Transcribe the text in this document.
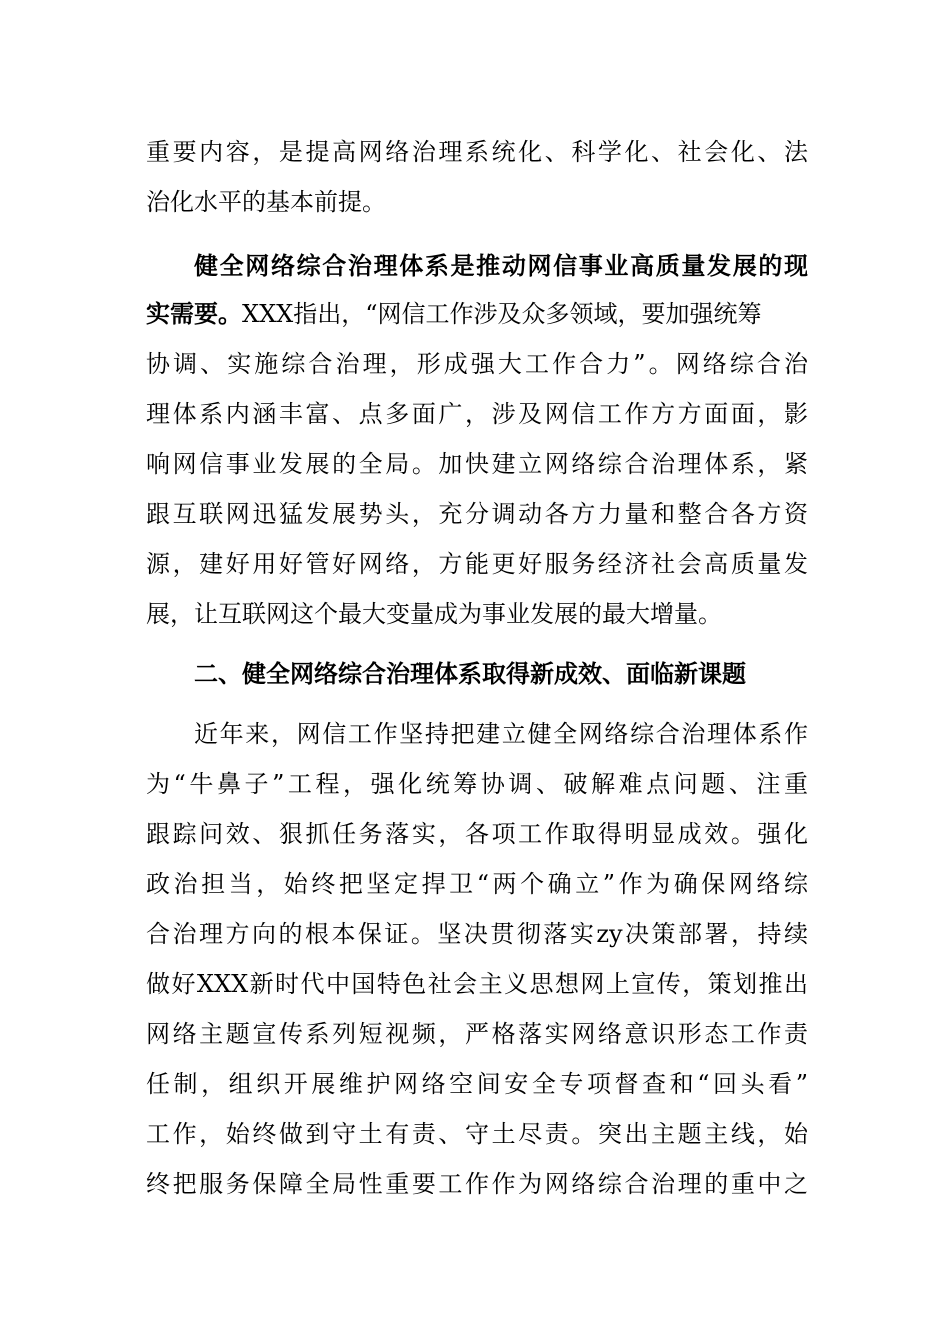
重要内容，是提高网络治理系统化、科学化、社会化、法
治化水平的基本前提。
健全网络综合治理体系是推动网信事业高质量发展的现
实需要。XXX指出，“网信工作涉及众多领域，要加强统筹
协调、实施综合治理，形成强大工作合力”。网络综合治
理体系内涵丰富、点多面广，涉及网信工作方方面面，影
响网信事业发展的全局。加快建立网络综合治理体系，紧
跟互联网迅猛发展势头，充分调动各方力量和整合各方资
源，建好用好管好网络，方能更好服务经济社会高质量发
展，让互联网这个最大变量成为事业发展的最大增量。
二、健全网络综合治理体系取得新成效、面临新课题
近年来，网信工作坚持把建立健全网络综合治理体系作
为“牛鼻子”工程，强化统筹协调、破解难点问题、注重
跟踪问效、狠抓任务落实，各项工作取得明显成效。强化
政治担当，始终把坚定捍卫“两个确立”作为确保网络综
合治理方向的根本保证。坚决贯彻落实zy决策部署，持续
做好XXX新时代中国特色社会主义思想网上宣传，策划推出
网络主题宣传系列短视频，严格落实网络意识形态工作责
任制，组织开展维护网络空间安全专项督查和“回头看”
工作，始终做到守土有责、守土尽责。突出主题主线，始
终把服务保障全局性重要工作作为网络综合治理的重中之
